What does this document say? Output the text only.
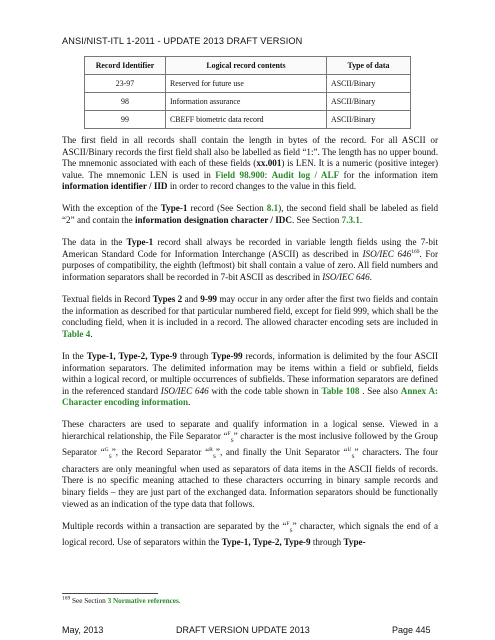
ANSI/NIST-ITL 1-2011 - UPDATE 2013 DRAFT VERSION
Record Identifier	Logical record contents	Type of data
23-97	Reserved for future use	ASCII/Binary
98	Information assurance	ASCII/Binary
99	CBEFF biometric data record	ASCII/Binary

The first field in all records shall contain the length in bytes of the record. For all ASCII or ASCII/Binary records the first field shall also be labelled as field “1:”. The length has no upper bound. The mnemonic associated with each of these fields (xx.001) is LEN. It is a numeric (positive integer) value. The mnemonic LEN is used in Field 98.900: Audit log / ALF for the information item information identifier / IID in order to record changes to the value in this field.

With the exception of the Type-1 record (See Section 8.1), the second field shall be labeled as field “2” and contain the information designation character / IDC. See Section 7.3.1.

The data in the Type-1 record shall always be recorded in variable length fields using the 7-bit American Standard Code for Information Interchange (ASCII) as described in ISO/IEC $646^{169}$. For purposes of compatibility, the eighth (leftmost) bit shall contain a value of zero. All field numbers and information separators shall be recorded in 7-bit ASCII as described in ISO/IEC 646.

Textual fields in Record Types 2 and 9-99 may occur in any order after the first two fields and contain the information as described for that particular numbered field, except for field 999, which shall be the concluding field, when it is included in a record. The allowed character encoding sets are included in Table 4.

In the Type-1, Type-2, Type-9 through Type-99 records, information is delimited by the four ASCII information separators. The delimited information may be items within a field or subfield, fields within a logical record, or multiple occurrences of subfields. These information separators are defined in the referenced standard ISO/IEC 646 with the code table shown in Table 108 . See also Annex A: Character encoding information.

These characters are used to separate and qualify information in a logical sense. Viewed in a hierarchical relationship, the File Separator “$^F_S$” character is the most inclusive followed by the Group Separator “$^G_S$”, the Record Separator “$^R_S$”, and finally the Unit Separator “$^U_S$” characters. The four characters are only meaningful when used as separators of data items in the ASCII fields of records. There is no specific meaning attached to these characters occurring in binary sample records and binary fields – they are just part of the exchanged data. Information separators should be functionally viewed as an indication of the type data that follows.

Multiple records within a transaction are separated by the “$^F_S$” character, which signals the end of a logical record. Use of separators within the Type-1, Type-2, Type-9 through Type-

$^{169}$ See Section 3 Normative references.
May, 2013	DRAFT VERSION UPDATE 2013	Page 445
